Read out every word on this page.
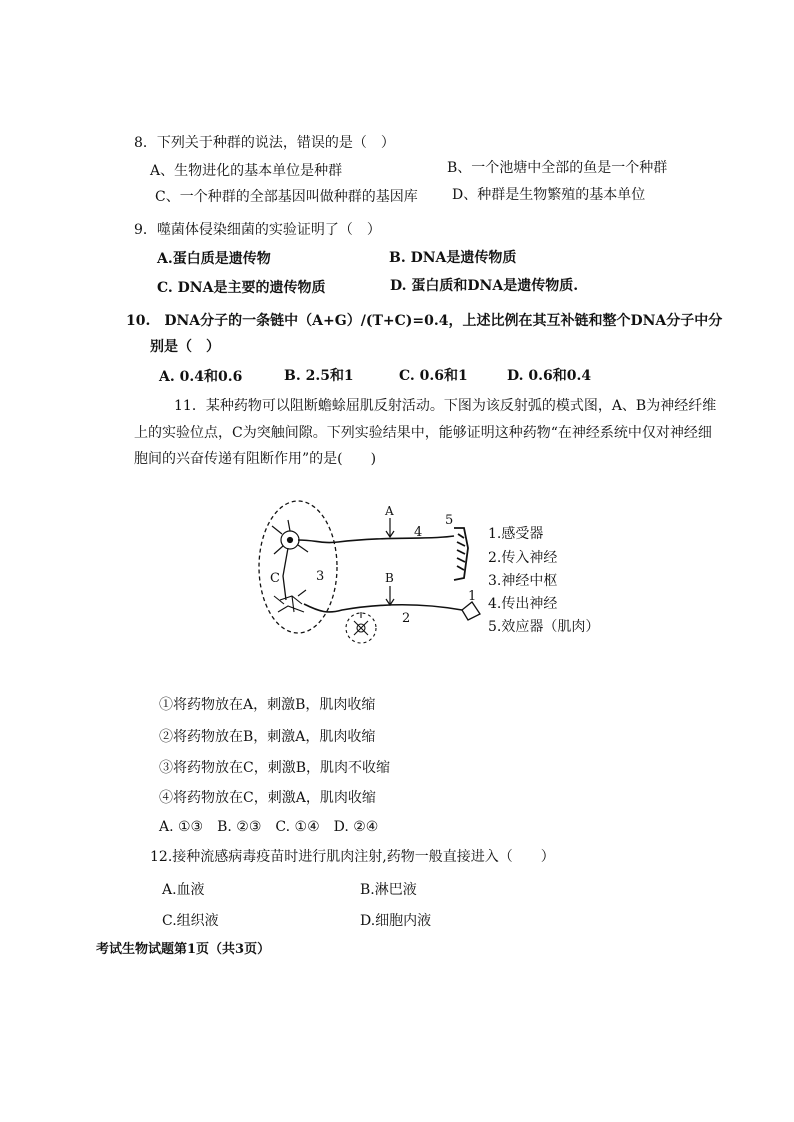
8．下列关于种群的说法，错误的是（　）
A、生物进化的基本单位是种群	B、一个池塘中全部的鱼是一个种群
C、一个种群的全部基因叫做种群的基因库 D、种群是生物繁殖的基本单位
9．噬菌体侵染细菌的实验证明了（　）
A.蛋白质是遗传物	B. DNA是遗传物质
C. DNA是主要的遗传物质	D. 蛋白质和DNA是遗传物质.
10.　DNA分子的一条链中（A+G）/(T+C)=0.4，上述比例在其互补链和整个DNA分子中分
别是（　）
A. 0.4和0.6	B. 2.5和1	C. 0.6和1	D. 0.6和0.4
11．某种药物可以阻断蟾蜍屈肌反射活动。下图为该反射弧的模式图，A、B为神经纤维
上的实验位点，C为突触间隙。下列实验结果中，能够证明这种药物“在神经系统中仅对神经细
胞间的兴奋传递有阻断作用”的是(　　)
A
B
C	3
4
5
2
1
1.感受器
2.传入神经
3.神经中枢
4.传出神经
5.效应器（肌肉）
①将药物放在A，刺激B，肌肉收缩
②将药物放在B，刺激A，肌肉收缩
③将药物放在C，刺激B，肌肉不收缩
④将药物放在C，刺激A，肌肉收缩
A. ①③　B. ②③　C. ①④　D. ②④
12.接种流感病毒疫苗时进行肌肉注射,药物一般直接进入（　　）
A.血液	B.淋巴液
C.组织液	D.细胞内液
考试生物试题第1页（共3页）
